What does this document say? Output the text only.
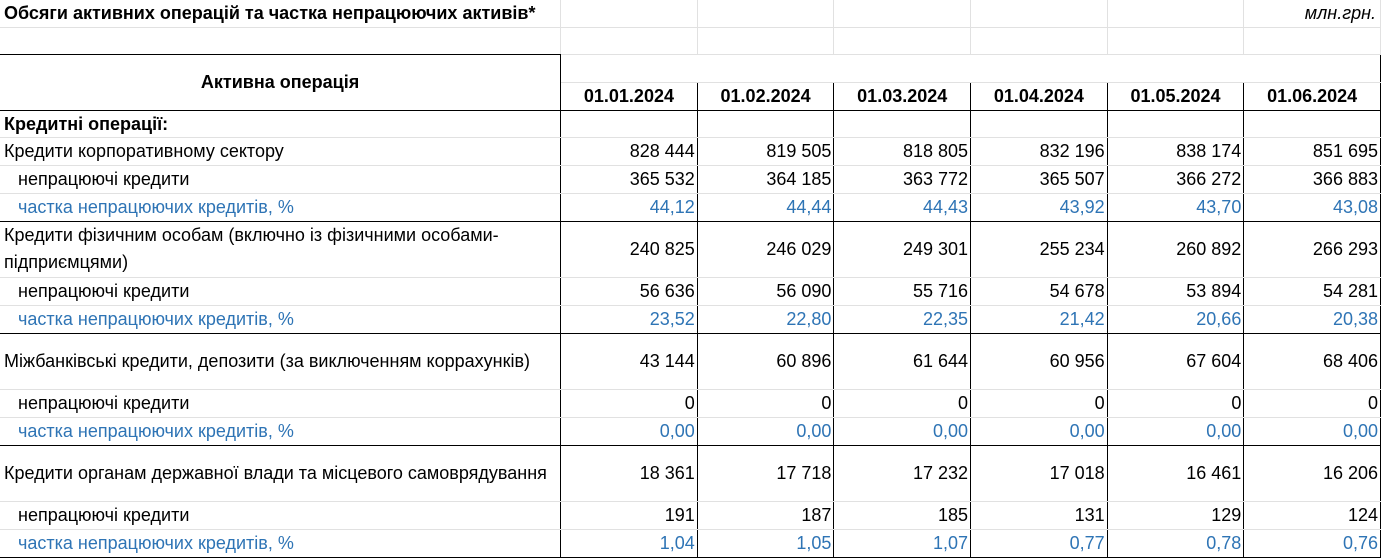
Обсяги активних операцій та частка непрацюючих активів*						млн.грн.

Активна операція						
	01.01.2024	01.02.2024	01.03.2024	01.04.2024	01.05.2024	01.06.2024
Кредитні операції:						
Кредити корпоративному сектору	828 444	819 505	818 805	832 196	838 174	851 695
непрацюючі кредити	365 532	364 185	363 772	365 507	366 272	366 883
частка непрацюючих кредитів, %	44,12	44,44	44,43	43,92	43,70	43,08
Кредити фізичним особам (включно із фізичними особами-підприємцями)	240 825	246 029	249 301	255 234	260 892	266 293
непрацюючі кредити	56 636	56 090	55 716	54 678	53 894	54 281
частка непрацюючих кредитів, %	23,52	22,80	22,35	21,42	20,66	20,38
Міжбанківські кредити, депозити (за виключенням коррахунків)	43 144	60 896	61 644	60 956	67 604	68 406
непрацюючі кредити	0	0	0	0	0	0
частка непрацюючих кредитів, %	0,00	0,00	0,00	0,00	0,00	0,00
Кредити органам державної влади та місцевого самоврядування	18 361	17 718	17 232	17 018	16 461	16 206
непрацюючі кредити	191	187	185	131	129	124
частка непрацюючих кредитів, %	1,04	1,05	1,07	0,77	0,78	0,76
